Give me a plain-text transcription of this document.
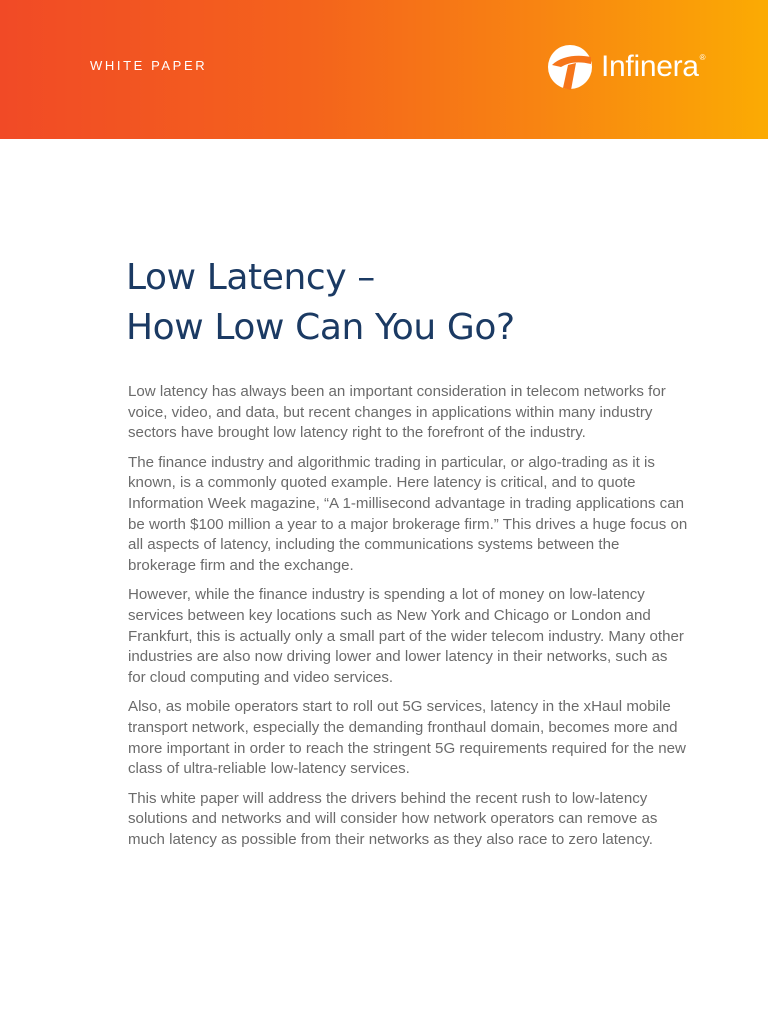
WHITE PAPER	Infinera®
Low Latency –
How Low Can You Go?

Low latency has always been an important consideration in telecom networks for voice, video, and data, but recent changes in applications within many industry sectors have brought low latency right to the forefront of the industry.

The finance industry and algorithmic trading in particular, or algo-trading as it is known, is a commonly quoted example. Here latency is critical, and to quote Information Week magazine, “A 1-millisecond advantage in trading applications can be worth $100 million a year to a major brokerage firm.” This drives a huge focus on all aspects of latency, including the communications systems between the brokerage firm and the exchange.

However, while the finance industry is spending a lot of money on low-latency services between key locations such as New York and Chicago or London and Frankfurt, this is actually only a small part of the wider telecom industry. Many other industries are also now driving lower and lower latency in their networks, such as for cloud computing and video services.

Also, as mobile operators start to roll out 5G services, latency in the xHaul mobile transport network, especially the demanding fronthaul domain, becomes more and more important in order to reach the stringent 5G requirements required for the new class of ultra-reliable low-latency services.

This white paper will address the drivers behind the recent rush to low-latency solutions and networks and will consider how network operators can remove as much latency as possible from their networks as they also race to zero latency.
